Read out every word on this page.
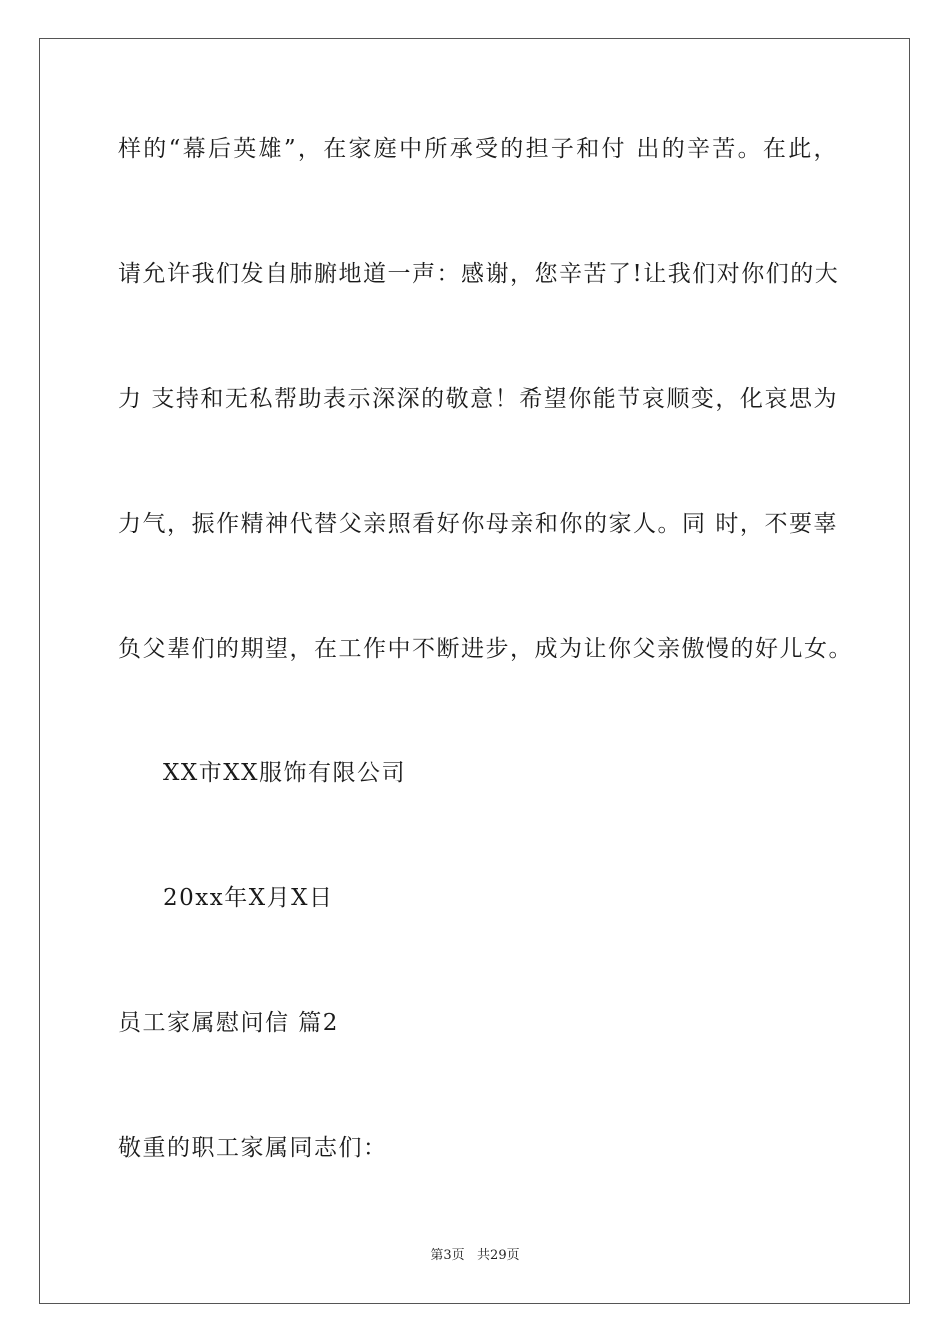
样的“幕后英雄”，在家庭中所承受的担子和付 出的辛苦。在此，
请允许我们发自肺腑地道一声：感谢，您辛苦了!让我们对你们的大
力 支持和无私帮助表示深深的敬意！希望你能节哀顺变，化哀思为
力气，振作精神代替父亲照看好你母亲和你的家人。同 时，不要辜
负父辈们的期望，在工作中不断进步，成为让你父亲傲慢的好儿女。
XX市XX服饰有限公司
20xx年X月X日
员工家属慰问信 篇2
敬重的职工家属同志们：
第3页   共29页
